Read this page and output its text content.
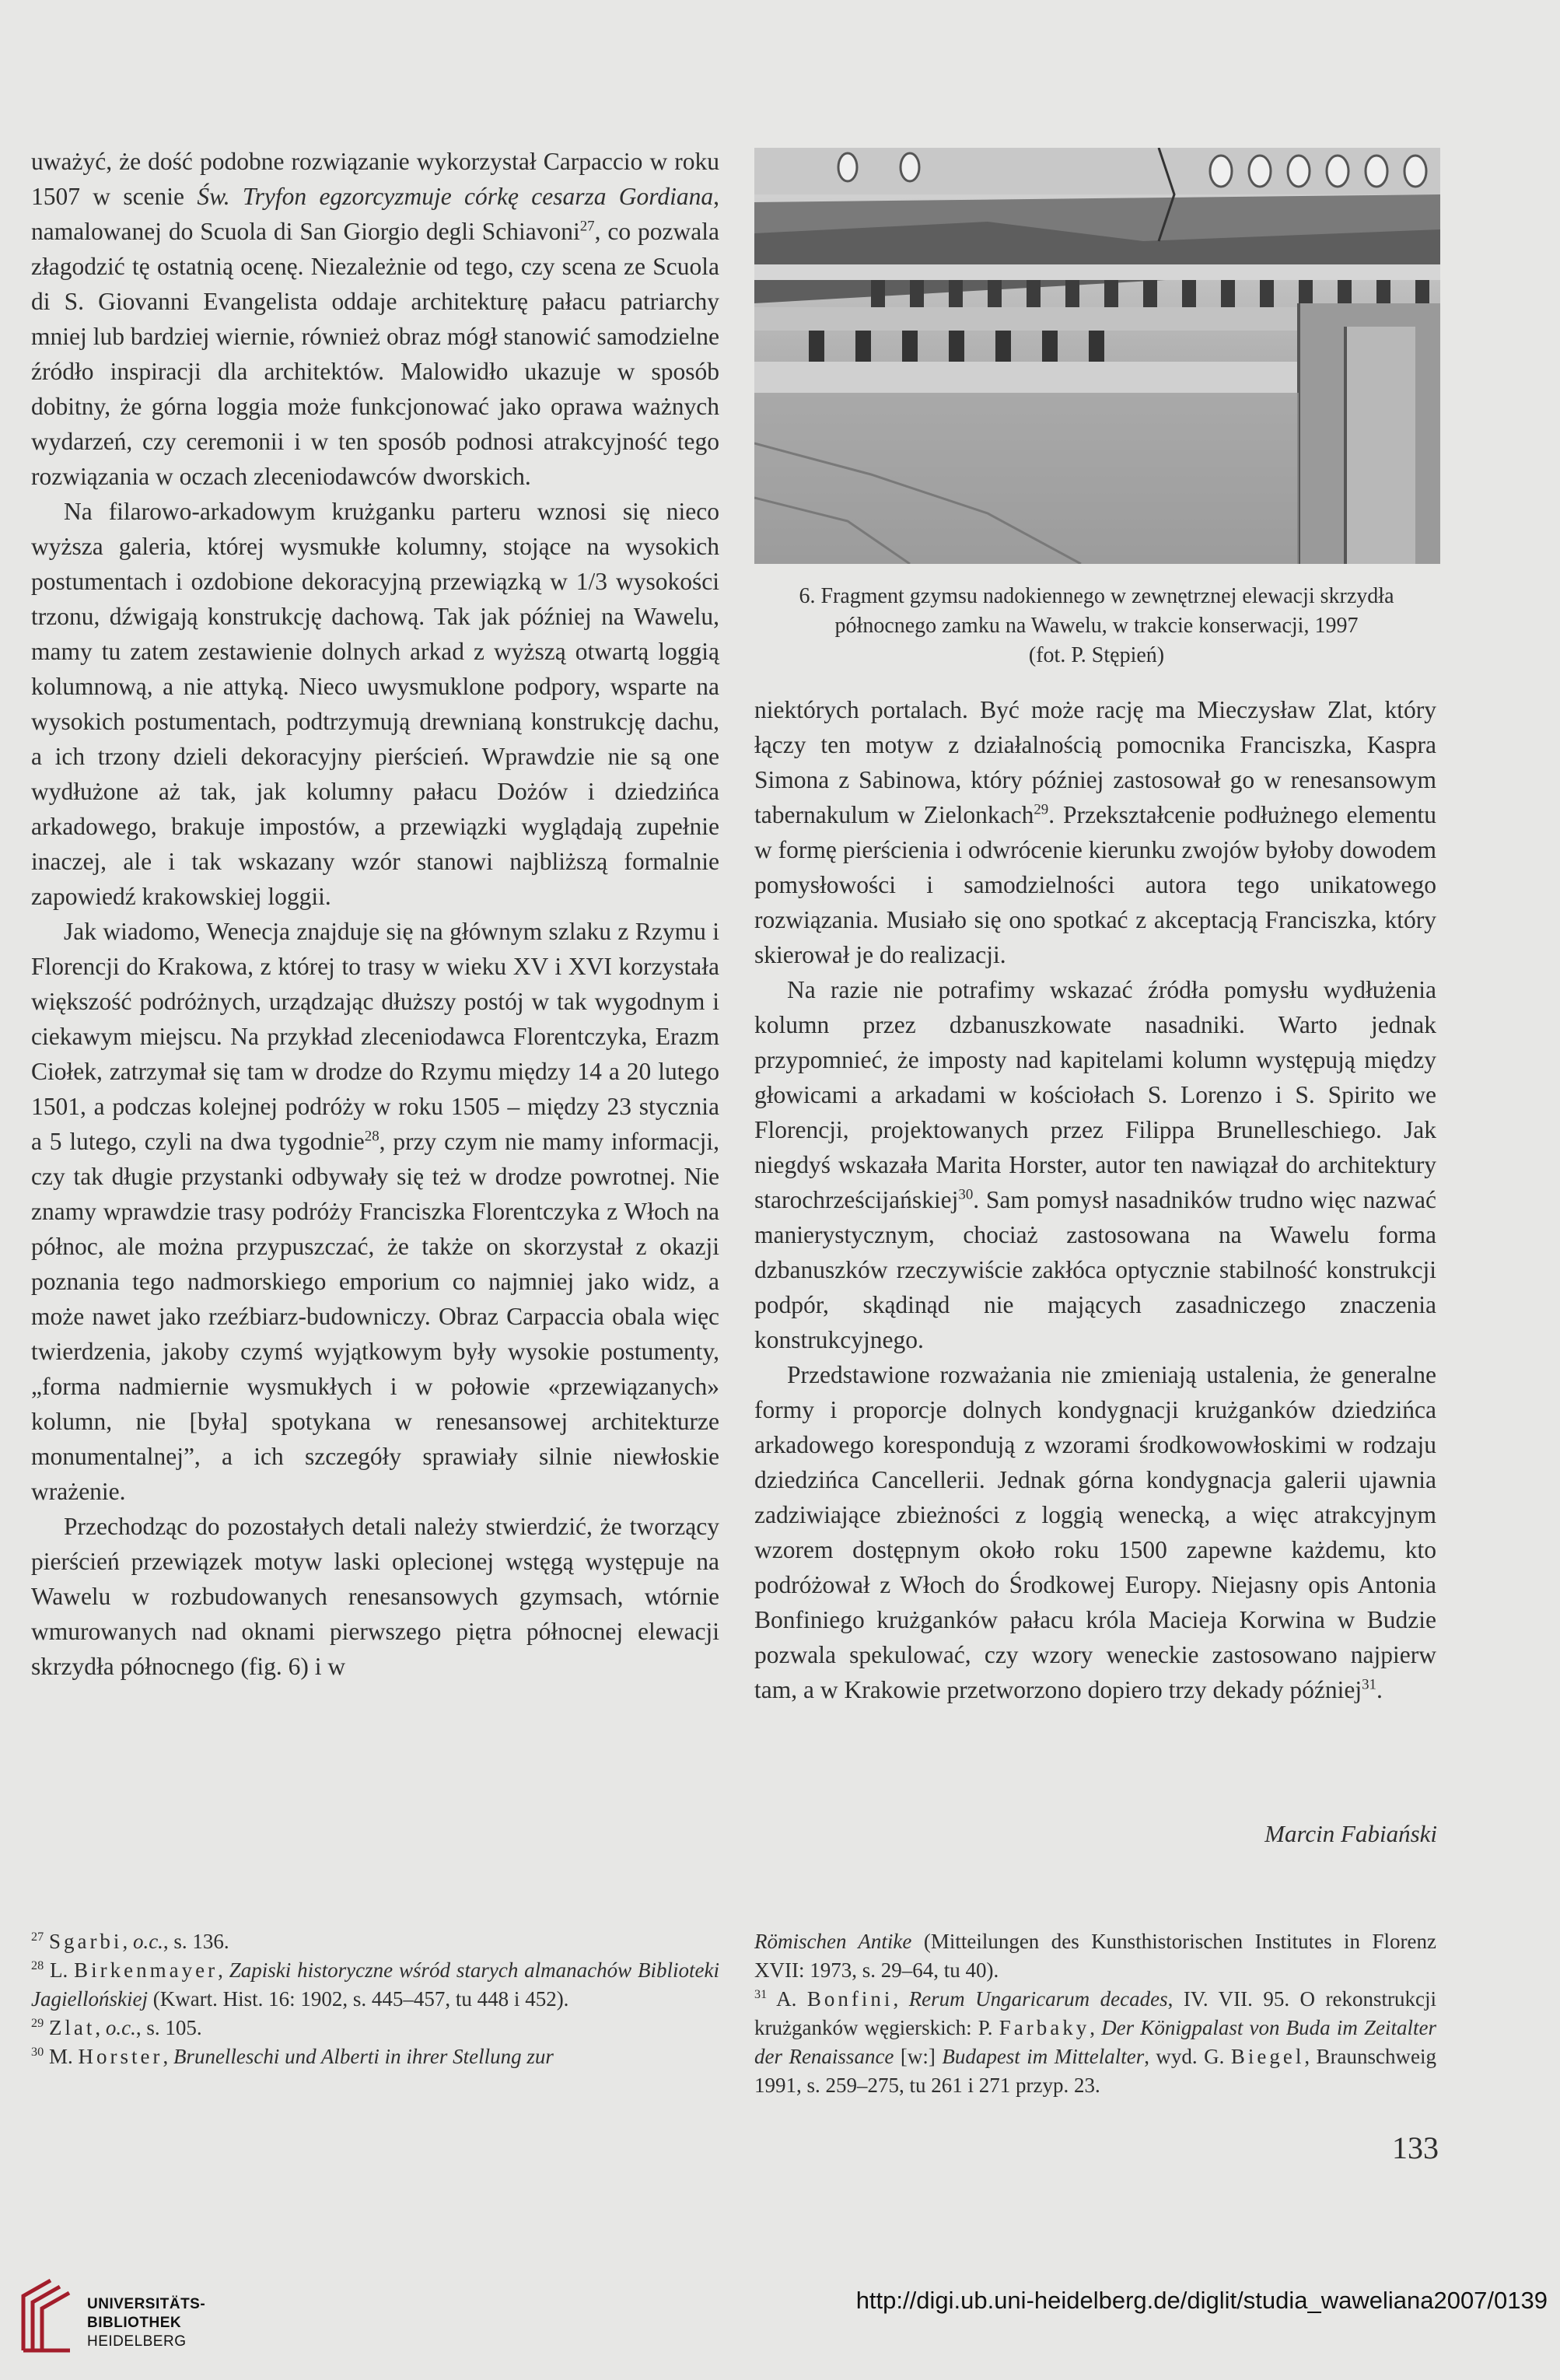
uważyć, że dość podobne rozwiązanie wykorzystał Carpaccio w roku 1507 w scenie Św. Tryfon egzorcyzmuje córkę cesarza Gordiana, namalowanej do Scuola di San Giorgio degli Schiavoni$^{27}$, co pozwala złagodzić tę ostatnią ocenę. Niezależnie od tego, czy scena ze Scuola di S. Giovanni Evangelista oddaje architekturę pałacu patriarchy mniej lub bardziej wiernie, również obraz mógł stanowić samodzielne źródło inspiracji dla architektów. Malowidło ukazuje w sposób dobitny, że górna loggia może funkcjonować jako oprawa ważnych wydarzeń, czy ceremonii i w ten sposób podnosi atrakcyjność tego rozwiązania w oczach zleceniodawców dworskich.

Na filarowo-arkadowym krużganku parteru wznosi się nieco wyższa galeria, której wysmukłe kolumny, stojące na wysokich postumentach i ozdobione dekoracyjną przewiązką w 1/3 wysokości trzonu, dźwigają konstrukcję dachową. Tak jak później na Wawelu, mamy tu zatem zestawienie dolnych arkad z wyższą otwartą loggią kolumnową, a nie attyką. Nieco uwysmuklone podpory, wsparte na wysokich postumentach, podtrzymują drewnianą konstrukcję dachu, a ich trzony dzieli dekoracyjny pierścień. Wprawdzie nie są one wydłużone aż tak, jak kolumny pałacu Dożów i dziedzińca arkadowego, brakuje impostów, a przewiązki wyglądają zupełnie inaczej, ale i tak wskazany wzór stanowi najbliższą formalnie zapowiedź krakowskiej loggii.

Jak wiadomo, Wenecja znajduje się na głównym szlaku z Rzymu i Florencji do Krakowa, z której to trasy w wieku XV i XVI korzystała większość podróżnych, urządzając dłuższy postój w tak wygodnym i ciekawym miejscu. Na przykład zleceniodawca Florentczyka, Erazm Ciołek, zatrzymał się tam w drodze do Rzymu między 14 a 20 lutego 1501, a podczas kolejnej podróży w roku 1505 – między 23 stycznia a 5 lutego, czyli na dwa tygodnie$^{28}$, przy czym nie mamy informacji, czy tak długie przystanki odbywały się też w drodze powrotnej. Nie znamy wprawdzie trasy podróży Franciszka Florentczyka z Włoch na północ, ale można przypuszczać, że także on skorzystał z okazji poznania tego nadmorskiego emporium co najmniej jako widz, a może nawet jako rzeźbiarz-budowniczy. Obraz Carpaccia obala więc twierdzenia, jakoby czymś wyjątkowym były wysokie postumenty, „forma nadmiernie wysmukłych i w połowie «przewiązanych» kolumn, nie [była] spotykana w renesansowej architekturze monumentalnej”, a ich szczegóły sprawiały silnie niewłoskie wrażenie.

Przechodząc do pozostałych detali należy stwierdzić, że tworzący pierścień przewiązek motyw laski oplecionej wstęgą występuje na Wawelu w rozbudowanych renesansowych gzymsach, wtórnie wmurowanych nad oknami pierwszego piętra północnej elewacji skrzydła północnego (fig. 6) i w

6. Fragment gzymsu nadokiennego w zewnętrznej elewacji skrzydła
północnego zamku na Wawelu, w trakcie konserwacji, 1997
(fot. P. Stępień)

niektórych portalach. Być może rację ma Mieczysław Zlat, który łączy ten motyw z działalnością pomocnika Franciszka, Kaspra Simona z Sabinowa, który później zastosował go w renesansowym tabernakulum w Zielonkach$^{29}$. Przekształcenie podłużnego elementu w formę pierścienia i odwrócenie kierunku zwojów byłoby dowodem pomysłowości i samodzielności autora tego unikatowego rozwiązania. Musiało się ono spotkać z akceptacją Franciszka, który skierował je do realizacji.

Na razie nie potrafimy wskazać źródła pomysłu wydłużenia kolumn przez dzbanuszkowate nasadniki. Warto jednak przypomnieć, że imposty nad kapitelami kolumn występują między głowicami a arkadami w kościołach S. Lorenzo i S. Spirito we Florencji, projektowanych przez Filippa Brunelleschiego. Jak niegdyś wskazała Marita Horster, autor ten nawiązał do architektury starochrześcijańskiej$^{30}$. Sam pomysł nasadników trudno więc nazwać manierystycznym, chociaż zastosowana na Wawelu forma dzbanuszków rzeczywiście zakłóca optycznie stabilność konstrukcji podpór, skądinąd nie mających zasadniczego znaczenia konstrukcyjnego.

Przedstawione rozważania nie zmieniają ustalenia, że generalne formy i proporcje dolnych kondygnacji krużganków dziedzińca arkadowego korespondują z wzorami środkowowłoskimi w rodzaju dziedzińca Cancellerii. Jednak górna kondygnacja galerii ujawnia zadziwiające zbieżności z loggią wenecką, a więc atrakcyjnym wzorem dostępnym około roku 1500 zapewne każdemu, kto podróżował z Włoch do Środkowej Europy. Niejasny opis Antonia Bonfiniego krużganków pałacu króla Macieja Korwina w Budzie pozwala spekulować, czy wzory weneckie zastosowano najpierw tam, a w Krakowie przetworzono dopiero trzy dekady później$^{31}$.

Marcin Fabiański

$^{27}$ Sgarbi, o.c., s. 136.

$^{28}$ L. Birkenmayer, Zapiski historyczne wśród starych almanachów Biblioteki Jagiellońskiej (Kwart. Hist. 16: 1902, s. 445–457, tu 448 i 452).

$^{29}$ Zlat, o.c., s. 105.

$^{30}$ M. Horster, Brunelleschi und Alberti in ihrer Stellung zur

Römischen Antike (Mitteilungen des Kunsthistorischen Institutes in Florenz XVII: 1973, s. 29–64, tu 40).

$^{31}$ A. Bonfini, Rerum Ungaricarum decades, IV. VII. 95. O rekonstrukcji krużganków węgierskich: P. Farbaky, Der Königpalast von Buda im Zeitalter der Renaissance [w:] Budapest im Mittelalter, wyd. G. Biegel, Braunschweig 1991, s. 259–275, tu 261 i 271 przyp. 23.

133
UNIVERSITÄTS-
BIBLIOTHEK
HEIDELBERG
http://digi.ub.uni-heidelberg.de/diglit/studia_waweliana2007/0139
